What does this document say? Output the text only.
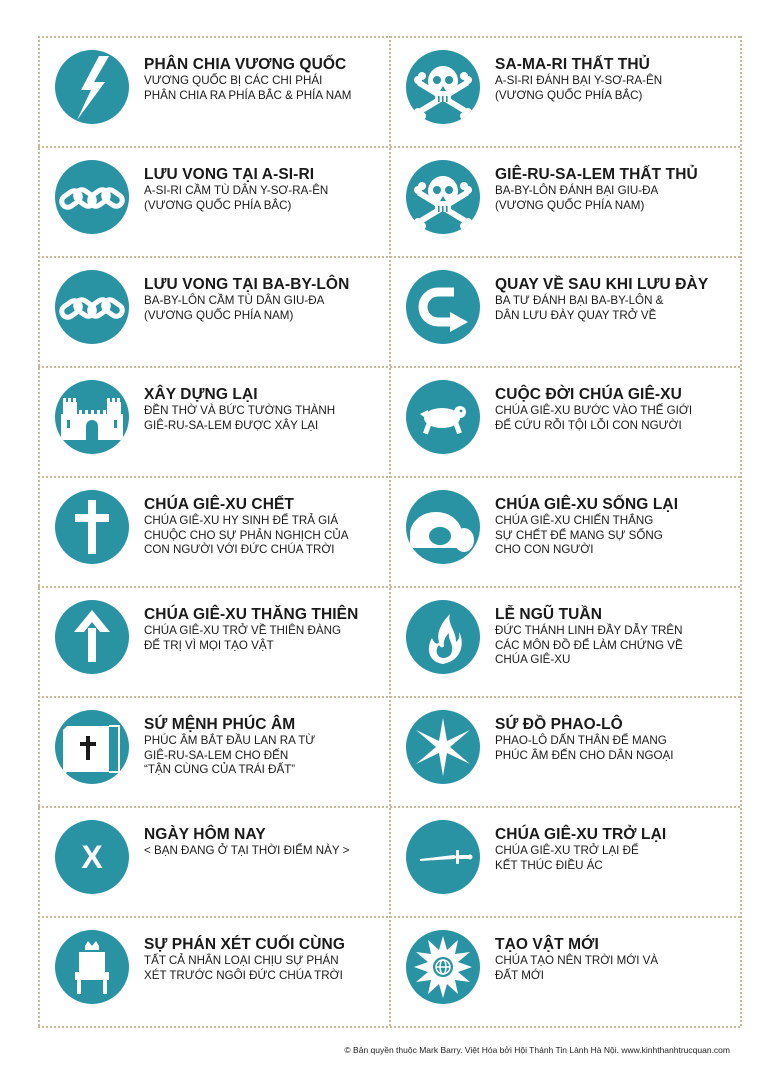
PHÂN CHIA VƯƠNG QUỐC
VƯƠNG QUỐC BỊ CÁC CHI PHÁI
PHÂN CHIA RA PHÍA BẮC & PHÍA NAM
SA-MA-RI THẤT THỦ
A-SI-RI ĐÁNH BẠI Y-SƠ-RA-ÊN
(VƯƠNG QUỐC PHÍA BẮC)
LƯU VONG TẠI A-SI-RI
A-SI-RI CẦM TÙ DÂN Y-SƠ-RA-ÊN
(VƯƠNG QUỐC PHÍA BẮC)
GIÊ-RU-SA-LEM THẤT THỦ
BA-BY-LÔN ĐÁNH BẠI GIU-ĐA
(VƯƠNG QUỐC PHÍA NAM)
LƯU VONG TẠI BA-BY-LÔN
BA-BY-LÔN CẦM TÙ DÂN GIU-ĐA
(VƯƠNG QUỐC PHÍA NAM)
QUAY VỀ SAU KHI LƯU ĐÀY
BA TƯ ĐÁNH BẠI BA-BY-LÔN &
DÂN LƯU ĐÀY QUAY TRỞ VỀ
XÂY DỰNG LẠI
ĐỀN THỜ VÀ BỨC TƯỜNG THÀNH
GIÊ-RU-SA-LEM ĐƯỢC XÂY LẠI
CUỘC ĐỜI CHÚA GIÊ-XU
CHÚA GIÊ-XU BƯỚC VÀO THẾ GIỚI
ĐỂ CỨU RỖI TỘI LỖI CON NGƯỜI
CHÚA GIÊ-XU CHẾT
CHÚA GIÊ-XU HY SINH ĐỂ TRẢ GIÁ
CHUỘC CHO SỰ PHẢN NGHỊCH CỦA
CON NGƯỜI VỚI ĐỨC CHÚA TRỜI
CHÚA GIÊ-XU SỐNG LẠI
CHÚA GIÊ-XU CHIẾN THẮNG
SỰ CHẾT ĐỂ MANG SỰ SỐNG
CHO CON NGƯỜI
CHÚA GIÊ-XU THĂNG THIÊN
CHÚA GIÊ-XU TRỞ VỀ THIÊN ĐÀNG
ĐỂ TRỊ VÌ MỌI TẠO VẬT
LỄ NGŨ TUẦN
ĐỨC THÁNH LINH ĐẦY DẪY TRÊN
CÁC MÔN ĐỒ ĐỂ LÀM CHỨNG VỀ
CHÚA GIÊ-XU
SỨ MỆNH PHÚC ÂM
PHÚC ÂM BẮT ĐẦU LAN RA TỪ
GIÊ-RU-SA-LEM CHO ĐẾN
“TẬN CÙNG CỦA TRÁI ĐẤT”
SỨ ĐỒ PHAO-LÔ
PHAO-LÔ DẤN THÂN ĐỂ MANG
PHÚC ÂM ĐẾN CHO DÂN NGOẠI
X
NGÀY HÔM NAY
< BẠN ĐANG Ở TẠI THỜI ĐIỂM NÀY >
CHÚA GIÊ-XU TRỞ LẠI
CHÚA GIÊ-XU TRỞ LẠI ĐỂ
KẾT THÚC ĐIỀU ÁC
SỰ PHÁN XÉT CUỐI CÙNG
TẤT CẢ NHÂN LOẠI CHỊU SỰ PHÁN
XÉT TRƯỚC NGÔI ĐỨC CHÚA TRỜI
TẠO VẬT MỚI
CHÚA TẠO NÊN TRỜI MỚI VÀ
ĐẤT MỚI
© Bản quyền thuộc Mark Barry. Việt Hóa bởi Hội Thánh Tin Lành Hà Nội. www.kinhthanhtrucquan.com
